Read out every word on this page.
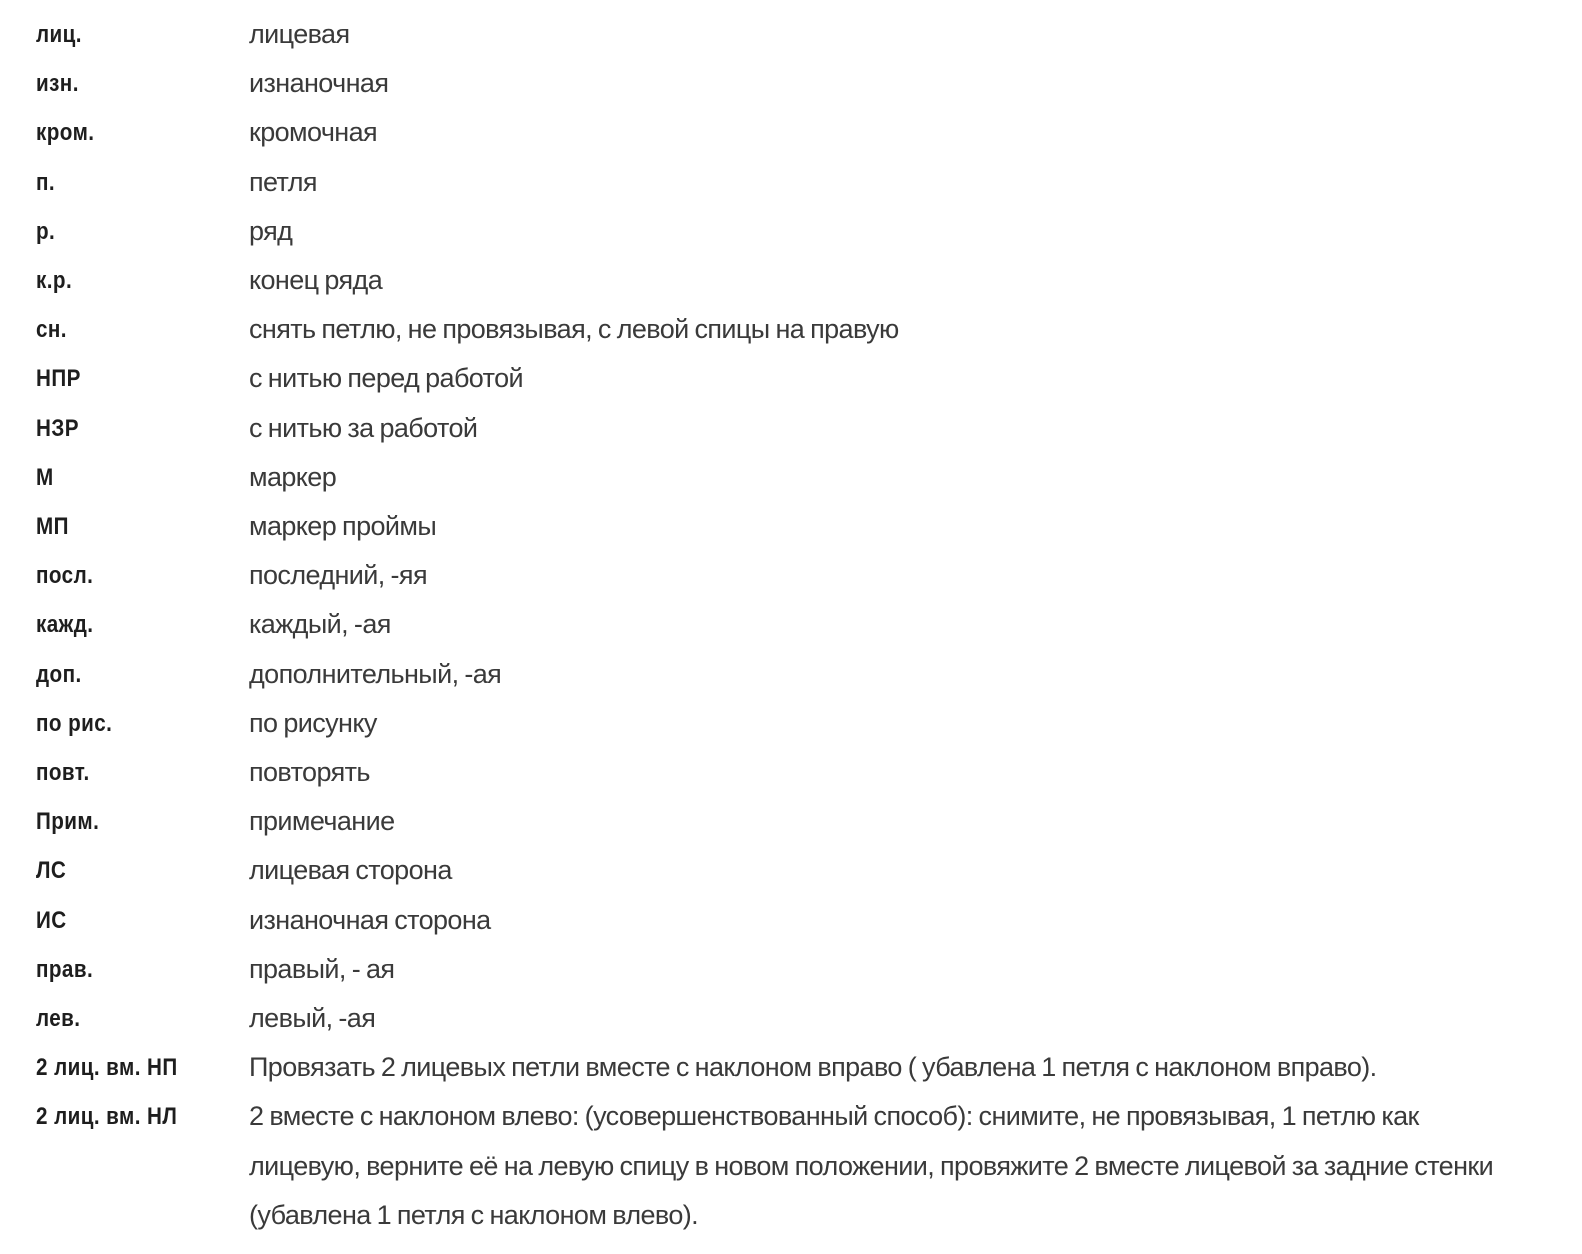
лиц.	лицевая
изн.	изнаночная
кром.	кромочная
п.	петля
р.	ряд
к.р.	конец ряда
сн.	снять петлю, не провязывая, с левой спицы на правую
НПР	с нитью перед работой
НЗР	с нитью за работой
М	маркер
МП	маркер проймы
посл.	последний, -яя
кажд.	каждый, -ая
доп.	дополнительный, -ая
по рис.	по рисунку
повт.	повторять
Прим.	примечание
ЛС	лицевая сторона
ИС	изнаночная сторона
прав.	правый, - ая
лев.	левый, -ая
2 лиц. вм. НП	Провязать 2 лицевых петли вместе с наклоном вправо ( убавлена 1 петля с наклоном вправо).
2 лиц. вм. НЛ	2 вместе с наклоном влево: (усовершенствованный способ): снимите, не провязывая, 1 петлю как
лицевую, верните её на левую спицу в новом положении, провяжите 2 вместе лицевой за задние стенки
(убавлена 1 петля с наклоном влево).
